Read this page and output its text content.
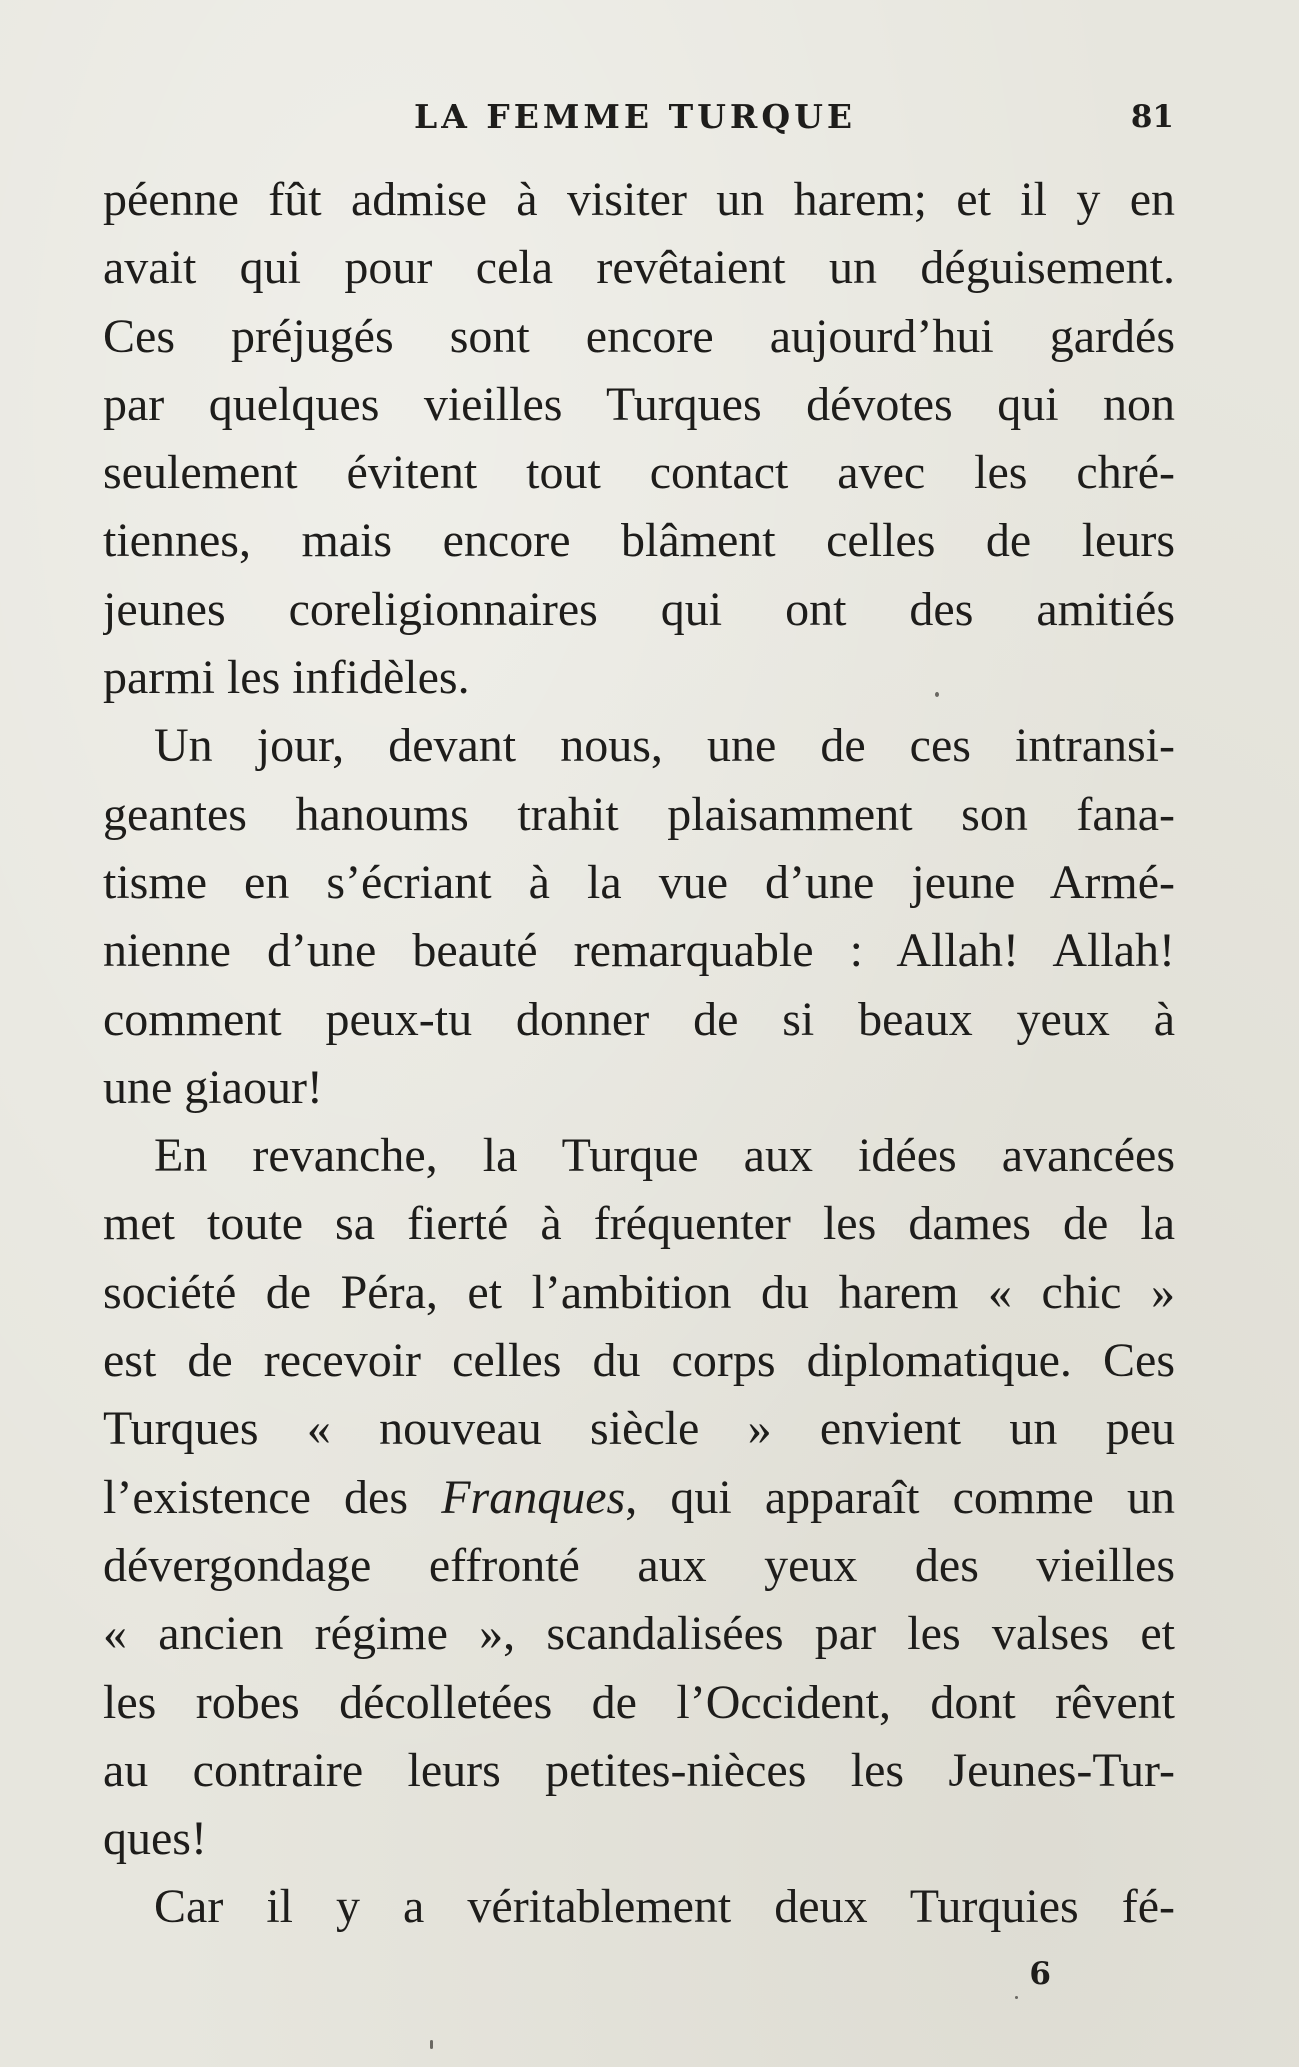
LA FEMME TURQUE	81
péenne fût admise à visiter un harem; et il y en
avait qui pour cela revêtaient un déguisement.
Ces préjugés sont encore aujourd’hui gardés
par quelques vieilles Turques dévotes qui non
seulement évitent tout contact avec les chré-
tiennes, mais encore blâment celles de leurs
jeunes coreligionnaires qui ont des amitiés
parmi les infidèles.
Un jour, devant nous, une de ces intransi-
geantes hanoums trahit plaisamment son fana-
tisme en s’écriant à la vue d’une jeune Armé-
nienne d’une beauté remarquable : Allah! Allah!
comment peux-tu donner de si beaux yeux à
une giaour!
En revanche, la Turque aux idées avancées
met toute sa fierté à fréquenter les dames de la
société de Péra, et l’ambition du harem « chic »
est de recevoir celles du corps diplomatique. Ces
Turques « nouveau siècle » envient un peu
l’existence des Franques, qui apparaît comme un
dévergondage effronté aux yeux des vieilles
« ancien régime », scandalisées par les valses et
les robes décolletées de l’Occident, dont rêvent
au contraire leurs petites-nièces les Jeunes-Tur-
ques!
Car il y a véritablement deux Turquies fé-
6
